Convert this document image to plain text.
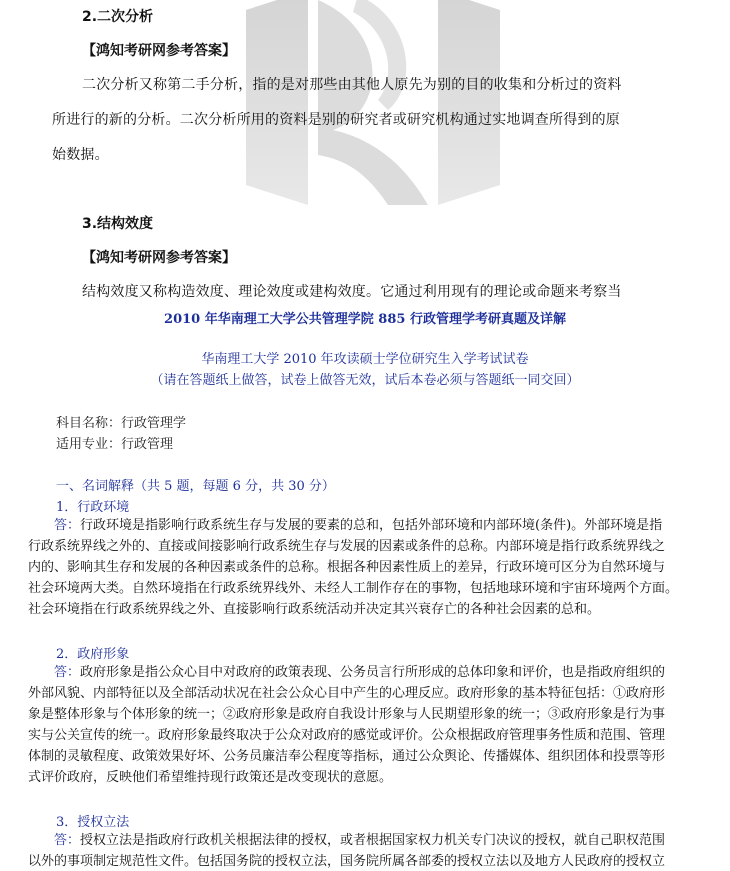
2.二次分析
【鸿知考研网参考答案】
二次分析又称第二手分析，指的是对那些由其他人原先为别的目的收集和分析过的资料
所进行的新的分析。二次分析所用的资料是别的研究者或研究机构通过实地调查所得到的原
始数据。
3.结构效度
【鸿知考研网参考答案】
结构效度又称构造效度、理论效度或建构效度。它通过利用现有的理论或命题来考察当
2010 年华南理工大学公共管理学院 885 行政管理学考研真题及详解
华南理工大学 2010 年攻读硕士学位研究生入学考试试卷
（请在答题纸上做答，试卷上做答无效，试后本卷必须与答题纸一同交回）
科目名称：行政管理学
适用专业：行政管理
一、名词解释（共 5 题，每题 6 分，共 30 分）
1．行政环境
答：行政环境是指影响行政系统生存与发展的要素的总和，包括外部环境和内部环境(条件)。外部环境是指
行政系统界线之外的、直接或间接影响行政系统生存与发展的因素或条件的总称。内部环境是指行政系统界线之
内的、影响其生存和发展的各种因素或条件的总称。根据各种因素性质上的差异，行政环境可区分为自然环境与
社会环境两大类。自然环境指在行政系统界线外、未经人工制作存在的事物，包括地球环境和宇宙环境两个方面。
社会环境指在行政系统界线之外、直接影响行政系统活动并决定其兴衰存亡的各种社会因素的总和。
2．政府形象
答：政府形象是指公众心目中对政府的政策表现、公务员言行所形成的总体印象和评价，也是指政府组织的
外部风貌、内部特征以及全部活动状况在社会公众心目中产生的心理反应。政府形象的基本特征包括：①政府形
象是整体形象与个体形象的统一；②政府形象是政府自我设计形象与人民期望形象的统一；③政府形象是行为事
实与公关宣传的统一。政府形象最终取决于公众对政府的感觉或评价。公众根据政府管理事务性质和范围、管理
体制的灵敏程度、政策效果好坏、公务员廉洁奉公程度等指标，通过公众舆论、传播媒体、组织团体和投票等形
式评价政府，反映他们希望维持现行政策还是改变现状的意愿。
3．授权立法
答：授权立法是指政府行政机关根据法律的授权，或者根据国家权力机关专门决议的授权，就自己职权范围
以外的事项制定规范性文件。包括国务院的授权立法，国务院所属各部委的授权立法以及地方人民政府的授权立
